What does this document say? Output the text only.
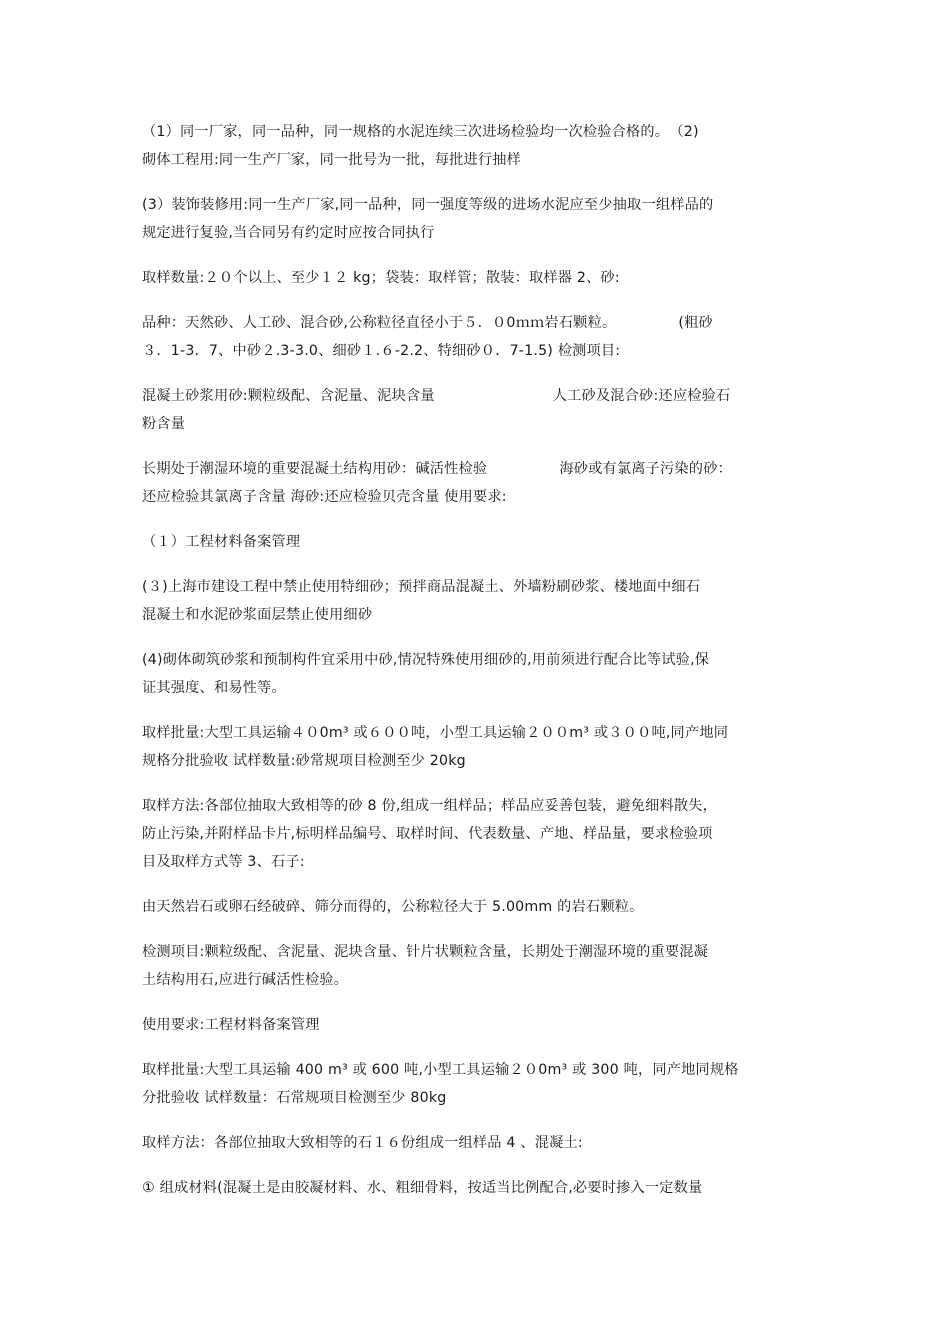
（1）同一厂家，同一品种，同一规格的水泥连续三次进场检验均一次检验合格的。　（2)
砌体工程用:同一生产厂家，同一批号为一批，每批进行抽样

(3）装饰装修用:同一生产厂家,同一品种，同一强度等级的进场水泥应至少抽取一组样品的
规定进行复验,当合同另有约定时应按合同执行

取样数量:２０个以上、至少１２ kg；袋装：取样管；散装：取样器 2、砂:

品种：天然砂、人工砂、混合砂,公称粒径直径小于５．０0ｍｍ岩石颗粒。	(粗砂
３．1-3．7、中砂２.3-3.0、细砂１.６-2.2、特细砂０．7-1.5) 检测项目:

混凝土砂浆用砂:颗粒级配、含泥量、泥块含量	人工砂及混合砂:还应检验石
粉含量

长期处于潮湿环境的重要混凝土结构用砂：碱活性检验	海砂或有氯离子污染的砂：
还应检验其氯离子含量 海砂:还应检验贝壳含量 使用要求:

（１）工程材料备案管理

(３)上海市建设工程中禁止使用特细砂；预拌商品混凝土、外墙粉刷砂浆、楼地面中细石
混凝土和水泥砂浆面层禁止使用细砂

(4)砌体砌筑砂浆和预制构件宜采用中砂,情况特殊使用细砂的,用前须进行配合比等试验,保
证其强度、和易性等。

取样批量:大型工具运输４０0m³ 或６００吨，小型工具运输２００m³ 或３００吨,同产地同
规格分批验收 试样数量:砂常规项目检测至少 20kg

取样方法:各部位抽取大致相等的砂 8 份,组成一组样品；样品应妥善包装，避免细料散失，
防止污染,并附样品卡片,标明样品编号、取样时间、代表数量、产地、样品量，要求检验项
目及取样方式等 3、石子:

由天然岩石或卵石经破碎、筛分而得的，公称粒径大于 5.00mm 的岩石颗粒。

检测项目:颗粒级配、含泥量、泥块含量、针片状颗粒含量，长期处于潮湿环境的重要混凝
土结构用石,应进行碱活性检验。

使用要求:工程材料备案管理

取样批量:大型工具运输 400 m³ 或 600 吨,小型工具运输２０0m³ 或 300 吨，同产地同规格
分批验收 试样数量：石常规项目检测至少 80kg

取样方法：各部位抽取大致相等的石１６份组成一组样品 4 、混凝土:

① 组成材料(混凝土是由胶凝材料、水、粗细骨料，按适当比例配合,必要时掺入一定数量
